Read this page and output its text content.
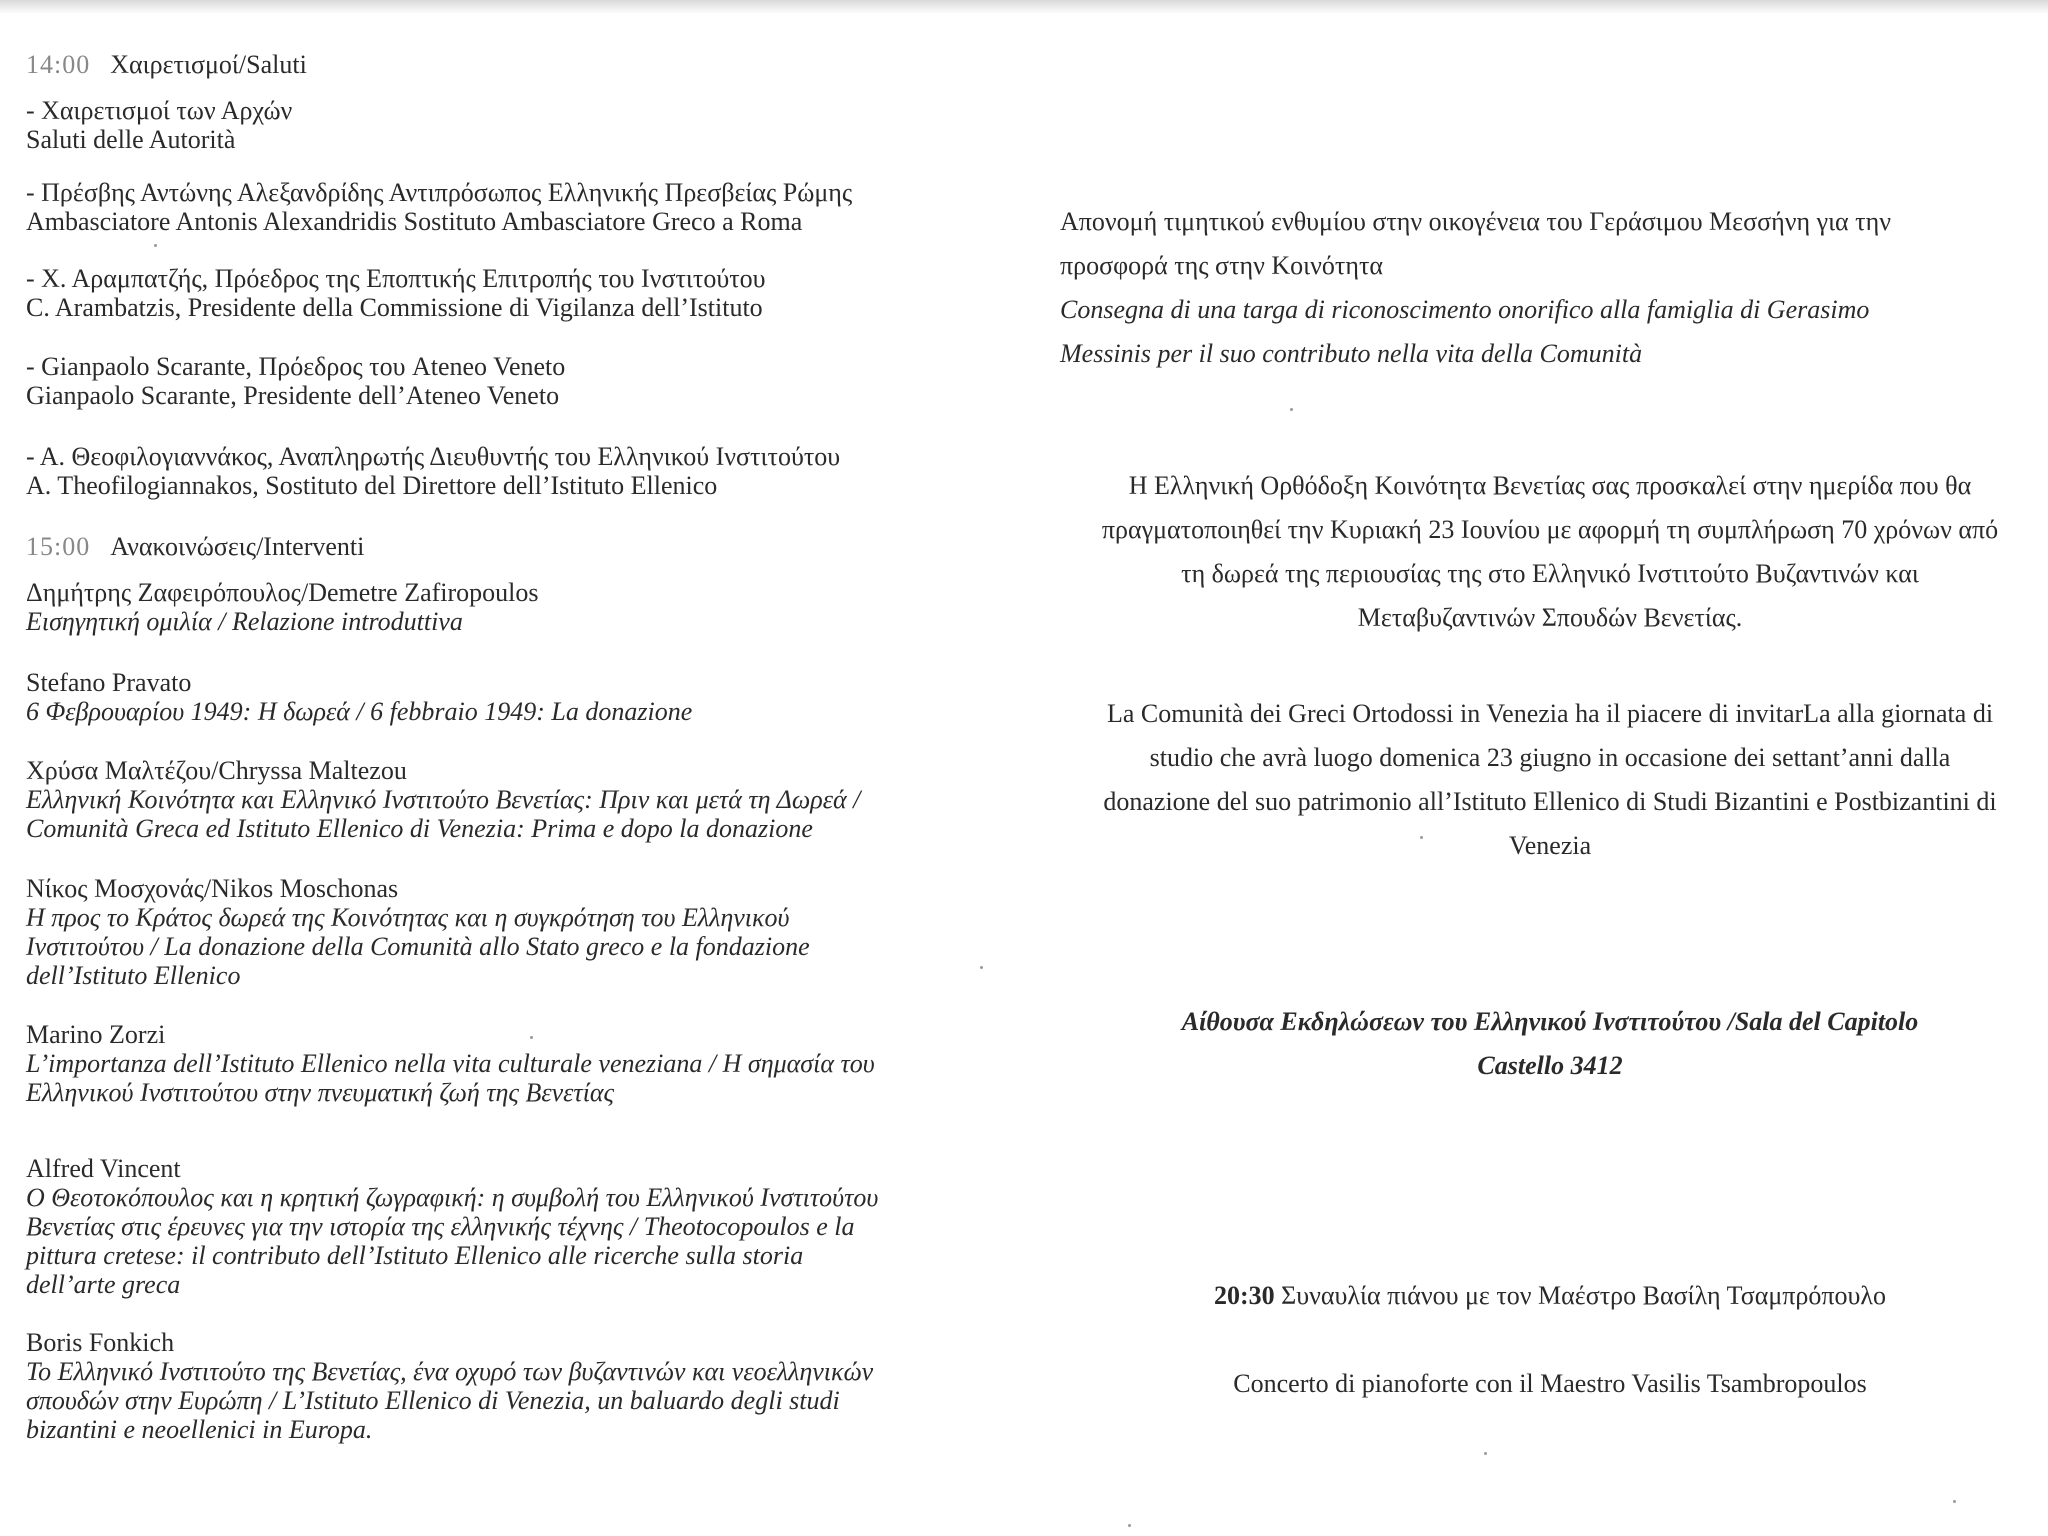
14:00 Χαιρετισμοί/Saluti
- Χαιρετισμοί των Αρχών
Saluti delle Autorità
- Πρέσβης Αντώνης Αλεξανδρίδης Αντιπρόσωπος Ελληνικής Πρεσβείας Ρώμης
Ambasciatore Antonis Alexandridis Sostituto Ambasciatore Greco a Roma
- Χ. Αραμπατζής, Πρόεδρος της Εποπτικής Επιτροπής του Ινστιτούτου
C. Arambatzis, Presidente della Commissione di Vigilanza dell’Istituto
- Gianpaolo Scarante, Πρόεδρος του Ateneo Veneto
Gianpaolo Scarante, Presidente dell’Ateneo Veneto
- Α. Θεοφιλογιαννάκος, Αναπληρωτής Διευθυντής του Ελληνικού Ινστιτούτου
A. Theofilogiannakos, Sostituto del Direttore dell’Istituto Ellenico
15:00 Ανακοινώσεις/Interventi
Δημήτρης Ζαφειρόπουλος/Demetre Zafiropoulos
Εισηγητική ομιλία / Relazione introduttiva
Stefano Pravato
6 Φεβρουαρίου 1949: Η δωρεά / 6 febbraio 1949: La donazione
Χρύσα Μαλτέζου/Chryssa Maltezou
Ελληνική Κοινότητα και Ελληνικό Ινστιτούτο Βενετίας: Πριν και μετά τη Δωρεά /
Comunità Greca ed Istituto Ellenico di Venezia: Prima e dopo la donazione
Νίκος Μοσχονάς/Nikos Moschonas
Η προς το Κράτος δωρεά της Κοινότητας και η συγκρότηση του Ελληνικού
Ινστιτούτου / La donazione della Comunità allo Stato greco e la fondazione
dell’Istituto Ellenico
Marino Zorzi
L’importanza dell’Istituto Ellenico nella vita culturale veneziana / Η σημασία του
Ελληνικού Ινστιτούτου στην πνευματική ζωή της Βενετίας
Alfred Vincent
Ο Θεοτοκόπουλος και η κρητική ζωγραφική: η συμβολή του Ελληνικού Ινστιτούτου
Βενετίας στις έρευνες για την ιστορία της ελληνικής τέχνης / Theotocopoulos e la
pittura cretese: il contributo dell’Istituto Ellenico alle ricerche sulla storia
dell’arte greca
Boris Fonkich
Το Ελληνικό Ινστιτούτο της Βενετίας, ένα οχυρό των βυζαντινών και νεοελληνικών
σπουδών στην Ευρώπη / L’Istituto Ellenico di Venezia, un baluardo degli studi
bizantini e neoellenici in Europa.
Απονομή τιμητικού ενθυμίου στην οικογένεια του Γεράσιμου Μεσσήνη για την
προσφορά της στην Κοινότητα
Consegna di una targa di riconoscimento onorifico alla famiglia di Gerasimo
Messinis per il suo contributo nella vita della Comunità
Η Ελληνική Ορθόδοξη Κοινότητα Βενετίας σας προσκαλεί στην ημερίδα που θα
πραγματοποιηθεί την Κυριακή 23 Ιουνίου με αφορμή τη συμπλήρωση 70 χρόνων από
τη δωρεά της περιουσίας της στο Ελληνικό Ινστιτούτο Βυζαντινών και
Μεταβυζαντινών Σπουδών Βενετίας.
La Comunità dei Greci Ortodossi in Venezia ha il piacere di invitarLa alla giornata di
studio che avrà luogo domenica 23 giugno in occasione dei settant’anni dalla
donazione del suo patrimonio all’Istituto Ellenico di Studi Bizantini e Postbizantini di
Venezia
Αίθουσα Εκδηλώσεων του Ελληνικού Ινστιτούτου /Sala del Capitolo
Castello 3412
20:30 Συναυλία πιάνου με τον Μαέστρο Βασίλη Τσαμπρόπουλο
Concerto di pianoforte con il Maestro Vasilis Tsambropoulos
